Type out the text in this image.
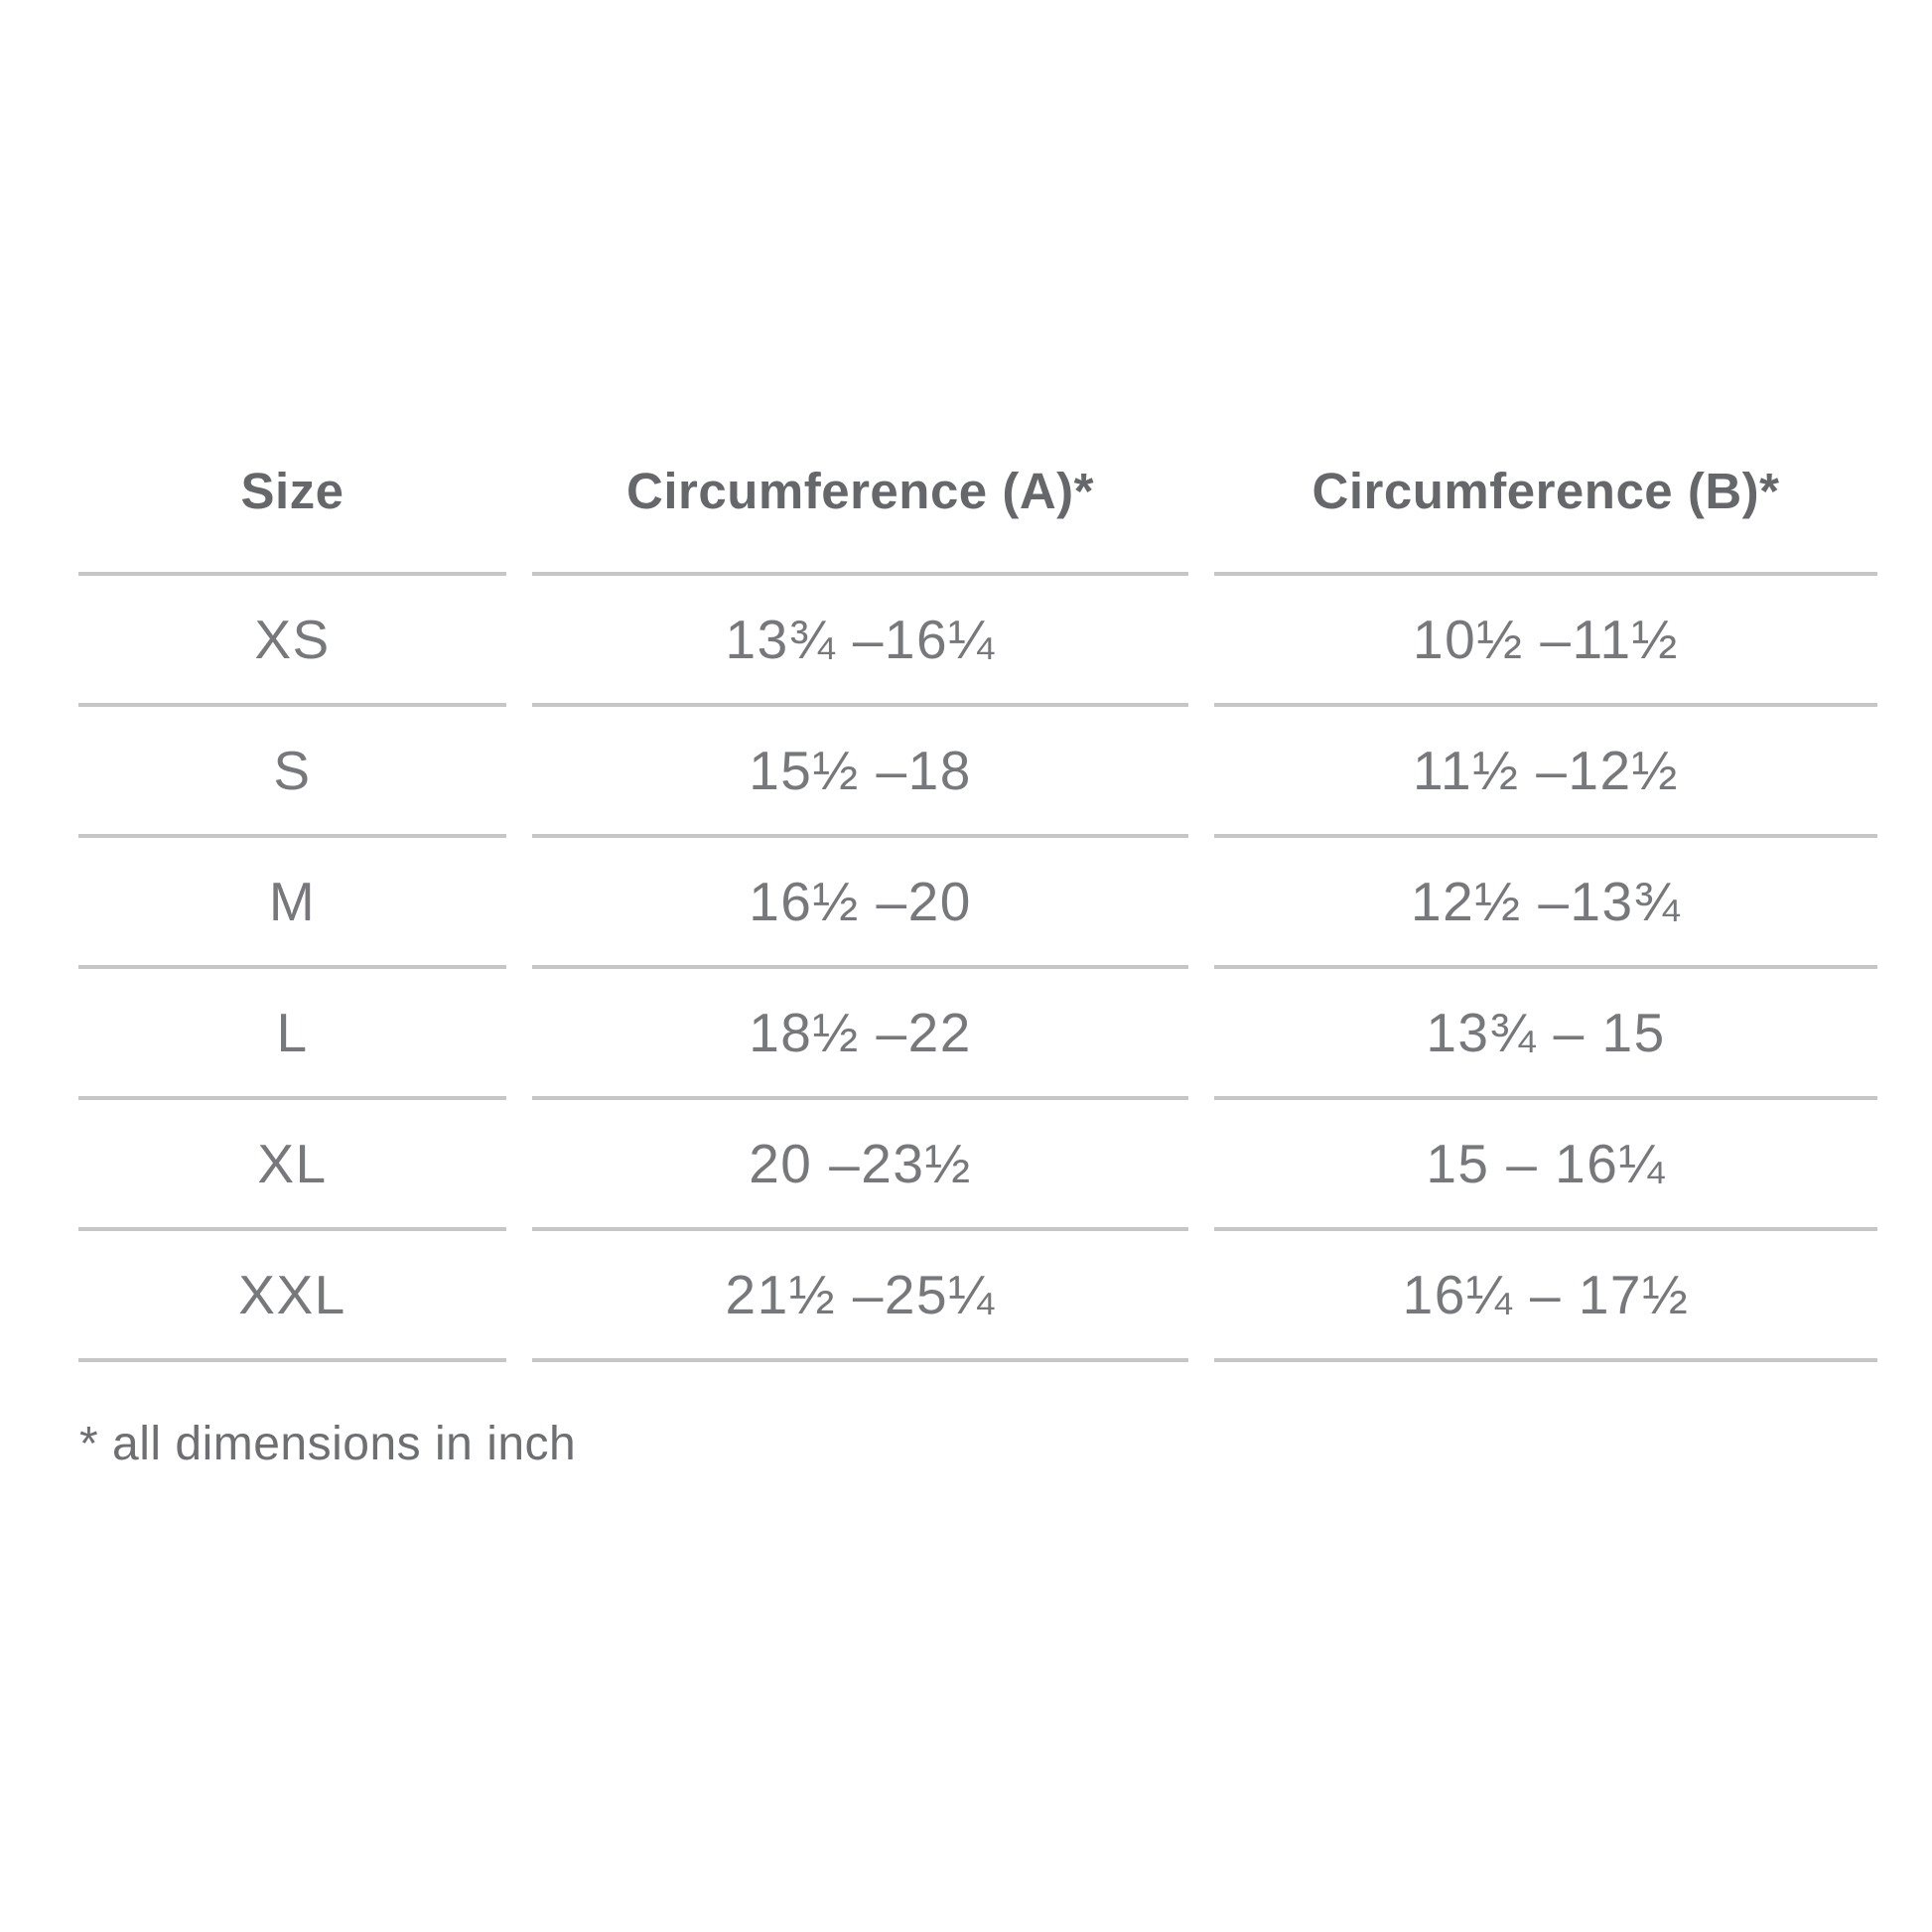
Size	Circumference (A)*	Circumference (B)*
XS	13¾ –16¼	10½ –11½
S	15½ –18	11½ –12½
M	16½ –20	12½ –13¾
L	18½ –22	13¾ – 15
XL	20 –23½	15 – 16¼
XXL	21½ –25¼	16¼ – 17½
* all dimensions in inch
